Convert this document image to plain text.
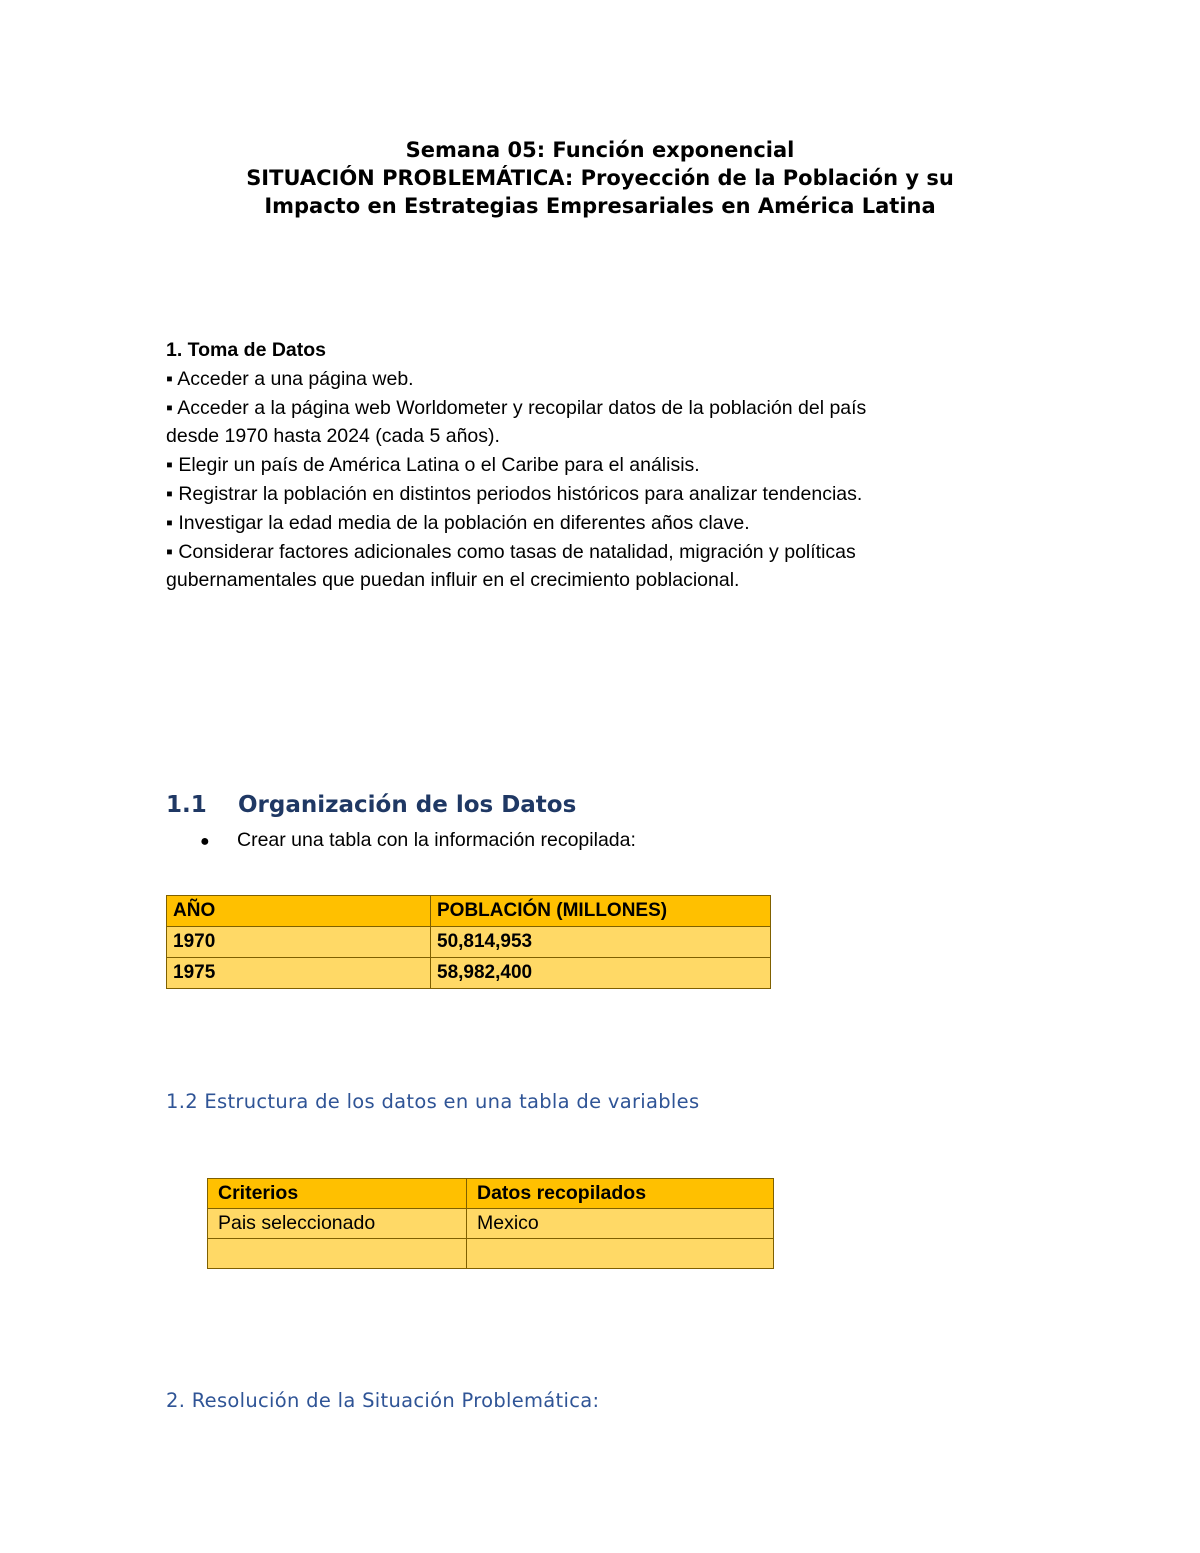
Semana 05: Función exponencial
SITUACIÓN PROBLEMÁTICA: Proyección de la Población y su
Impacto en Estrategias Empresariales en América Latina
1. Toma de Datos

▪ Acceder a una página web.

▪ Acceder a la página web Worldometer y recopilar datos de la población del país desde 1970 hasta 2024 (cada 5 años).

▪ Elegir un país de América Latina o el Caribe para el análisis.

▪ Registrar la población en distintos periodos históricos para analizar tendencias.

▪ Investigar la edad media de la población en diferentes años clave.

▪ Considerar factores adicionales como tasas de natalidad, migración y políticas gubernamentales que puedan influir en el crecimiento poblacional.

1.1 Organización de los Datos
● Crear una tabla con la información recopilada:
AÑO	POBLACIÓN (MILLONES)
1970	50,814,953
1975	58,982,400
1.2 Estructura de los datos en una tabla de variables
Criterios	Datos recopilados
Pais seleccionado	Mexico

2. Resolución de la Situación Problemática:
